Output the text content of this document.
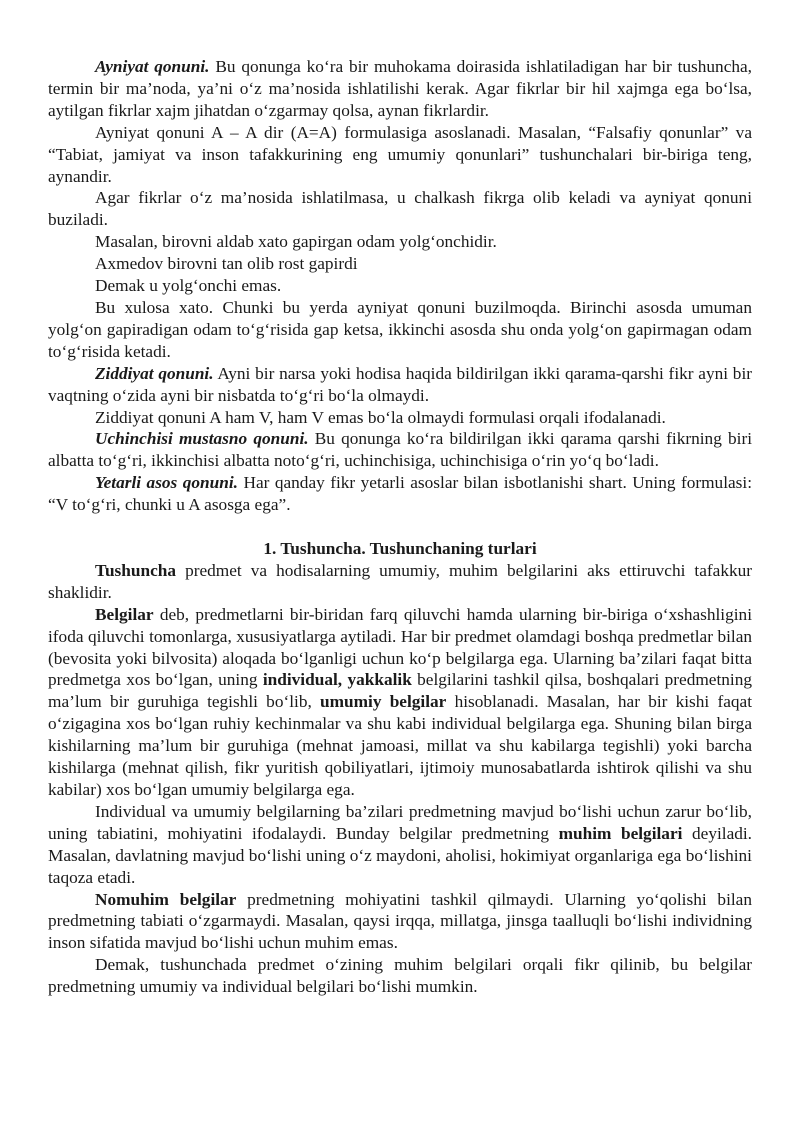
Ayniyat qonuni. Bu qonunga ko‘ra bir muhokama doirasida ishlatiladigan har bir tushuncha, termin bir ma’noda, ya’ni o‘z ma’nosida ishlatilishi kerak. Agar fikrlar bir hil xajmga ega bo‘lsa, aytilgan fikrlar xajm jihatdan o‘zgarmay qolsa, aynan fikrlardir.

Ayniyat qonuni A – A dir (A=A) formulasiga asoslanadi. Masalan, “Falsafiy qonunlar” va “Tabiat, jamiyat va inson tafakkurining eng umumiy qonunlari” tushunchalari bir-biriga teng, aynandir.

Agar fikrlar o‘z ma’nosida ishlatilmasa, u chalkash fikrga olib keladi va ayniyat qonuni buziladi.

Masalan, birovni aldab xato gapirgan odam yolg‘onchidir.

Axmedov birovni tan olib rost gapirdi

Demak u yolg‘onchi emas.

Bu xulosa xato. Chunki bu yerda ayniyat qonuni buzilmoqda. Birinchi asosda umuman yolg‘on gapiradigan odam to‘g‘risida gap ketsa, ikkinchi asosda shu onda yolg‘on gapirmagan odam to‘g‘risida ketadi.

Ziddiyat qonuni. Ayni bir narsa yoki hodisa haqida bildirilgan ikki qarama-qarshi fikr ayni bir vaqtning o‘zida ayni bir nisbatda to‘g‘ri bo‘la olmaydi.

Ziddiyat qonuni A ham V, ham V emas bo‘la olmaydi formulasi orqali ifodalanadi.

Uchinchisi mustasno qonuni. Bu qonunga ko‘ra bildirilgan ikki qarama qarshi fikrning biri albatta to‘g‘ri, ikkinchisi albatta noto‘g‘ri, uchinchisiga, uchinchisiga o‘rin yo‘q bo‘ladi.

Yetarli asos qonuni. Har qanday fikr yetarli asoslar bilan isbotlanishi shart. Uning formulasi: “V to‘g‘ri, chunki u A asosga ega”.

1. Tushuncha. Tushunchaning turlari

Tushuncha predmet va hodisalarning umumiy, muhim belgilarini aks ettiruvchi tafakkur shaklidir.

Belgilar deb, predmetlarni bir-biridan farq qiluvchi hamda ularning bir-biriga o‘xshashligini ifoda qiluvchi tomonlarga, xususiyatlarga aytiladi. Har bir predmet olamdagi boshqa predmetlar bilan (bevosita yoki bilvosita) aloqada bo‘lganligi uchun ko‘p belgilarga ega. Ularning ba’zilari faqat bitta predmetga xos bo‘lgan, uning individual, yakkalik belgilarini tashkil qilsa, boshqalari predmetning ma’lum bir guruhiga tegishli bo‘lib, umumiy belgilar hisoblanadi. Masalan, har bir kishi faqat o‘zigagina xos bo‘lgan ruhiy kechinmalar va shu kabi individual belgilarga ega. Shuning bilan birga kishilarning ma’lum bir guruhiga (mehnat jamoasi, millat va shu kabilarga tegishli) yoki barcha kishilarga (mehnat qilish, fikr yuritish qobiliyatlari, ijtimoiy munosabatlarda ishtirok qilishi va shu kabilar) xos bo‘lgan umumiy belgilarga ega.

Individual va umumiy belgilarning ba’zilari predmetning mavjud bo‘lishi uchun zarur bo‘lib, uning tabiatini, mohiyatini ifodalaydi. Bunday belgilar predmetning muhim belgilari deyiladi. Masalan, davlatning mavjud bo‘lishi uning o‘z maydoni, aholisi, hokimiyat organlariga ega bo‘lishini taqoza etadi.

Nomuhim belgilar predmetning mohiyatini tashkil qilmaydi. Ularning yo‘qolishi bilan predmetning tabiati o‘zgarmaydi. Masalan, qaysi irqqa, millatga, jinsga taalluqli bo‘lishi individning inson sifatida mavjud bo‘lishi uchun muhim emas.

Demak, tushunchada predmet o‘zining muhim belgilari orqali fikr qilinib, bu belgilar predmetning umumiy va individual belgilari bo‘lishi mumkin.
